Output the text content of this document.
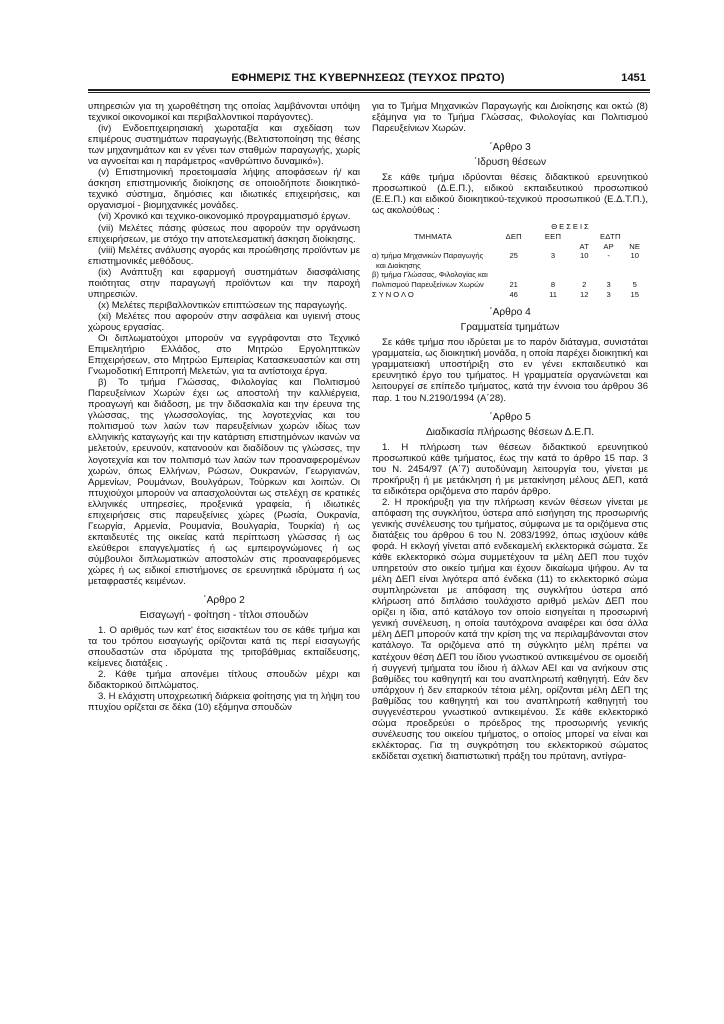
ΕΦΗΜΕΡΙΣ ΤΗΣ ΚΥΒΕΡΝΗΣΕΩΣ (ΤΕΥΧΟΣ ΠΡΩΤΟ)	1451

υπηρεσιών για τη χωροθέτηση της οποίας λαμβάνονται υπόψη τεχνικοί οικονομικοί και περιβαλλοντικοί παράγοντες).

(iv) Ενδοεπιχειρησιακή χωροταξία και σχεδίαση των επιμέρους συστημάτων παραγωγής.(Βελτιστοποίηση της θέσης των μηχανημάτων και εν γένει των σταθμών παραγωγής, χωρίς να αγνοείται και η παράμετρος «ανθρώπινο δυναμικό»).

(v) Επιστημονική προετοιμασία λήψης αποφάσεων ή/ και άσκηση επιστημονικής διοίκησης σε οποιοδήποτε διοικητικό-τεχνικό σύστημα, δημόσιες και ιδιωτικές επιχειρήσεις, και οργανισμοί - βιομηχανικές μονάδες.

(vi) Χρονικό και τεχνικο-οικονομικό προγραμματισμό έργων.

(vii) Μελέτες πάσης φύσεως που αφορούν την οργάνωση επιχειρήσεων, με στόχο την αποτελεσματική άσκηση διοίκησης.

(viii) Μελέτες ανάλυσης αγοράς και προώθησης προϊόντων με επιστημονικές μεθόδους.

(ix) Ανάπτυξη και εφαρμογή συστημάτων διασφάλισης ποιότητας στην παραγωγή προϊόντων και την παροχή υπηρεσιών.

(x) Μελέτες περιβαλλοντικών επιπτώσεων της παραγωγής.

(xi) Μελέτες που αφορούν στην ασφάλεια και υγιεινή στους χώρους εργασίας.

Οι διπλωματούχοι μπορούν να εγγράφονται στο Τεχνικό Επιμελητήριο Ελλάδος, στο Μητρώο Εργοληπτικών Επιχειρήσεων, στο Μητρώο Εμπειρίας Κατασκευαστών και στη Γνωμοδοτική Επιτροπή Μελετών, για τα αντίστοιχα έργα.

β) Το τμήμα Γλώσσας, Φιλολογίας και Πολιτισμού Παρευξείνιων Χωρών έχει ως αποστολή την καλλιέργεια, προαγωγή και διάδοση, με την διδασκαλία και την έρευνα της γλώσσας, της γλωσσολογίας, της λογοτεχνίας και του πολιτισμού των λαών των παρευξείνιων χωρών ιδίως των ελληνικής καταγωγής και την κατάρτιση επιστημόνων ικανών να μελετούν, ερευνούν, κατανοούν και διαδίδουν τις γλώσσες, την λογοτεχνία και τον πολιτισμό των λαών των προαναφερομένων χωρών, όπως Ελλήνων, Ρώσων, Ουκρανών, Γεωργιανών, Αρμενίων, Ρουμάνων, Βουλγάρων, Τούρκων και λοιπών. Οι πτυχιούχοι μπορούν να απασχολούνται ως στελέχη σε κρατικές ελληνικές υπηρεσίες, προξενικά γραφεία, ή ιδιωτικές επιχειρήσεις στις παρευξείνιες χώρες (Ρωσία, Ουκρανία, Γεωργία, Αρμενία, Ρουμανία, Βουλγαρία, Τουρκία) ή ως εκπαιδευτές της οικείας κατά περίπτωση γλώσσας ή ως ελεύθεροι επαγγελματίες ή ως εμπειρογνώμονες ή ως σύμβουλοι διπλωματικών αποστολών στις προαναφερόμενες χώρες ή ως ειδικοί επιστήμονες σε ερευνητικά ιδρύματα ή ως μεταφραστές κειμένων.

΄Αρθρο 2
Εισαγωγή - φοίτηση - τίτλοι σπουδών

1. Ο αριθμός των κατ' έτος εισακτέων του σε κάθε τμήμα και τα του τρόπου εισαγωγής ορίζονται κατά τις περί εισαγωγής σπουδαστών στα ιδρύματα της τριτοβάθμιας εκπαίδευσης, κείμενες διατάξεις .

2. Κάθε τμήμα απονέμει τίτλους σπουδών μέχρι και διδακτορικού διπλώματος.

3. Η ελάχιστη υποχρεωτική διάρκεια φοίτησης για τη λήψη του πτυχίου ορίζεται σε δέκα (10) εξάμηνα σπουδών

για το Τμήμα Μηχανικών Παραγωγής και Διοίκησης και οκτώ (8) εξάμηνα για το Τμήμα Γλώσσας, Φιλολογίας και Πολιτισμού Παρευξείνιων Χωρών.

΄Αρθρο 3
΄Ιδρυση θέσεων

Σε κάθε τμήμα ιδρύονται θέσεις διδακτικού ερευνητικού προσωπικού (Δ.Ε.Π.), ειδικού εκπαιδευτικού προσωπικού (Ε.Ε.Π.) και ειδικού διοικητικού-τεχνικού προσωπικού (Ε.Δ.Τ.Π.), ως ακολούθως :

	ΘΕΣΕΙΣ				
ΤΜΗΜΑΤΑ	ΔΕΠ	ΕΕΠ	ΕΔΤΠ		
			ΑΤ	ΑΡ	ΝΕ
α) τμήμα Μηχανικών Παραγωγής	25	3	10	-	10
και Διοίκησης					
β) τμήμα Γλώσσας, Φιλολογίας και					
Πολιτισμού Παρευξείνιων Χωρών	21	8	2	3	5
ΣΥΝΟΛΟ	46	11	12	3	15
΄Αρθρο 4
Γραμματεία τμημάτων

Σε κάθε τμήμα που ιδρύεται με το παρόν διάταγμα, συνιστάται γραμματεία, ως διοικητική μονάδα, η οποία παρέχει διοικητική και γραμματειακή υποστήριξη στο εν γένει εκπαιδευτικό και ερευνητικό έργο του τμήματος. Η γραμματεία οργανώνεται και λειτουργεί σε επίπεδο τμήματος, κατά την έννοια του άρθρου 36 παρ. 1 του Ν.2190/1994 (Α΄28).

΄Αρθρο 5
Διαδικασία πλήρωσης θέσεων Δ.Ε.Π.

1. Η πλήρωση των θέσεων διδακτικού ερευνητικού προσωπικού κάθε τμήματος, έως την κατά το άρθρο 15 παρ. 3 του Ν. 2454/97 (Α΄7) αυτοδύναμη λειτουργία του, γίνεται με προκήρυξη ή με μετάκληση ή με μετακίνηση μέλους ΔΕΠ, κατά τα ειδικότερα οριζόμενα στο παρόν άρθρο.

2. Η προκήρυξη για την πλήρωση κενών θέσεων γίνεται με απόφαση της συγκλήτου, ύστερα από εισήγηση της προσωρινής γενικής συνέλευσης του τμήματος, σύμφωνα με τα οριζόμενα στις διατάξεις του άρθρου 6 του Ν. 2083/1992, όπως ισχύουν κάθε φορά. Η εκλογή γίνεται από ενδεκαμελή εκλεκτορικά σώματα. Σε κάθε εκλεκτορικό σώμα συμμετέχουν τα μέλη ΔΕΠ που τυχόν υπηρετούν στο οικείο τμήμα και έχουν δικαίωμα ψήφου. Αν τα μέλη ΔΕΠ είναι λιγότερα από ένδεκα (11) το εκλεκτορικό σώμα συμπληρώνεται με απόφαση της συγκλήτου ύστερα από κλήρωση από διπλάσιο τουλάχιστο αριθμό μελών ΔΕΠ που ορίζει η ίδια, από κατάλογο τον οποίο εισηγείται η προσωρινή γενική συνέλευση, η οποία ταυτόχρονα αναφέρει και όσα άλλα μέλη ΔΕΠ μπορούν κατά την κρίση της να περιλαμβάνονται στον κατάλογο. Τα οριζόμενα από τη σύγκλητο μέλη πρέπει να κατέχουν θέση ΔΕΠ του ίδιου γνωστικού αντικειμένου σε ομοειδή ή συγγενή τμήματα του ίδιου ή άλλων ΑΕΙ και να ανήκουν στις βαθμίδες του καθηγητή και του αναπληρωτή καθηγητή. Εάν δεν υπάρχουν ή δεν επαρκούν τέτοια μέλη, ορίζονται μέλη ΔΕΠ της βαθμίδας του καθηγητή και του αναπληρωτή καθηγητή του συγγενέστερου γνωστικού αντικειμένου. Σε κάθε εκλεκτορικό σώμα προεδρεύει ο πρόεδρος της προσωρινής γενικής συνέλευσης του οικείου τμήματος, ο οποίος μπορεί να είναι και εκλέκτορας. Για τη συγκρότηση του εκλεκτορικού σώματος εκδίδεται σχετική διαπιστωτική πράξη του πρύτανη, αντίγρα-
